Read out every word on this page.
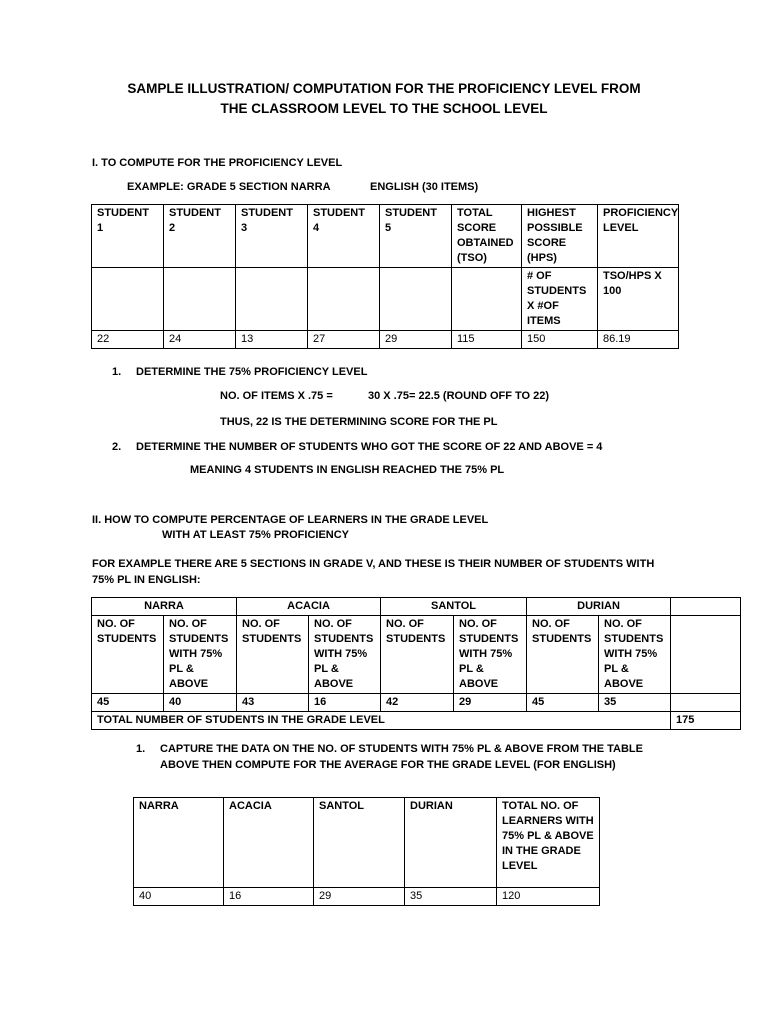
SAMPLE ILLUSTRATION/ COMPUTATION FOR THE PROFICIENCY LEVEL FROM
THE CLASSROOM LEVEL TO THE SCHOOL LEVEL
I. TO COMPUTE FOR THE PROFICIENCY LEVEL
EXAMPLE: GRADE 5 SECTION NARRA	ENGLISH (30 ITEMS)
STUDENT 1	STUDENT 2	STUDENT 3	STUDENT 4	STUDENT 5	TOTAL SCORE OBTAINED (TSO)	HIGHEST POSSIBLE SCORE (HPS)	PROFICIENCY LEVEL
						# OF STUDENTS X #OF ITEMS	TSO/HPS X 100
22	24	13	27	29	115	150	86.19
1. DETERMINE THE 75% PROFICIENCY LEVEL
NO. OF ITEMS X .75 =	30 X .75= 22.5 (ROUND OFF TO 22)
THUS, 22 IS THE DETERMINING SCORE FOR THE PL
2. DETERMINE THE NUMBER OF STUDENTS WHO GOT THE SCORE OF 22 AND ABOVE = 4
MEANING 4 STUDENTS IN ENGLISH REACHED THE 75% PL
II. HOW TO COMPUTE PERCENTAGE OF LEARNERS IN THE GRADE LEVEL
WITH AT LEAST 75% PROFICIENCY
FOR EXAMPLE THERE ARE 5 SECTIONS IN GRADE V, AND THESE IS THEIR NUMBER OF STUDENTS WITH
75% PL IN ENGLISH:
NARRA		ACACIA		SANTOL		DURIAN		
NO. OF STUDENTS	NO. OF STUDENTS WITH 75% PL & ABOVE	NO. OF STUDENTS	NO. OF STUDENTS WITH 75% PL & ABOVE	NO. OF STUDENTS	NO. OF STUDENTS WITH 75% PL & ABOVE	NO. OF STUDENTS	NO. OF STUDENTS WITH 75% PL & ABOVE	
45	40	43	16	42	29	45	35	
TOTAL NUMBER OF STUDENTS IN THE GRADE LEVEL								175
1. CAPTURE THE DATA ON THE NO. OF STUDENTS WITH 75% PL & ABOVE FROM THE TABLE
ABOVE THEN COMPUTE FOR THE AVERAGE FOR THE GRADE LEVEL (FOR ENGLISH)
NARRA	ACACIA	SANTOL	DURIAN	TOTAL NO. OF LEARNERS WITH 75% PL & ABOVE IN THE GRADE LEVEL
40	16	29	35	120
